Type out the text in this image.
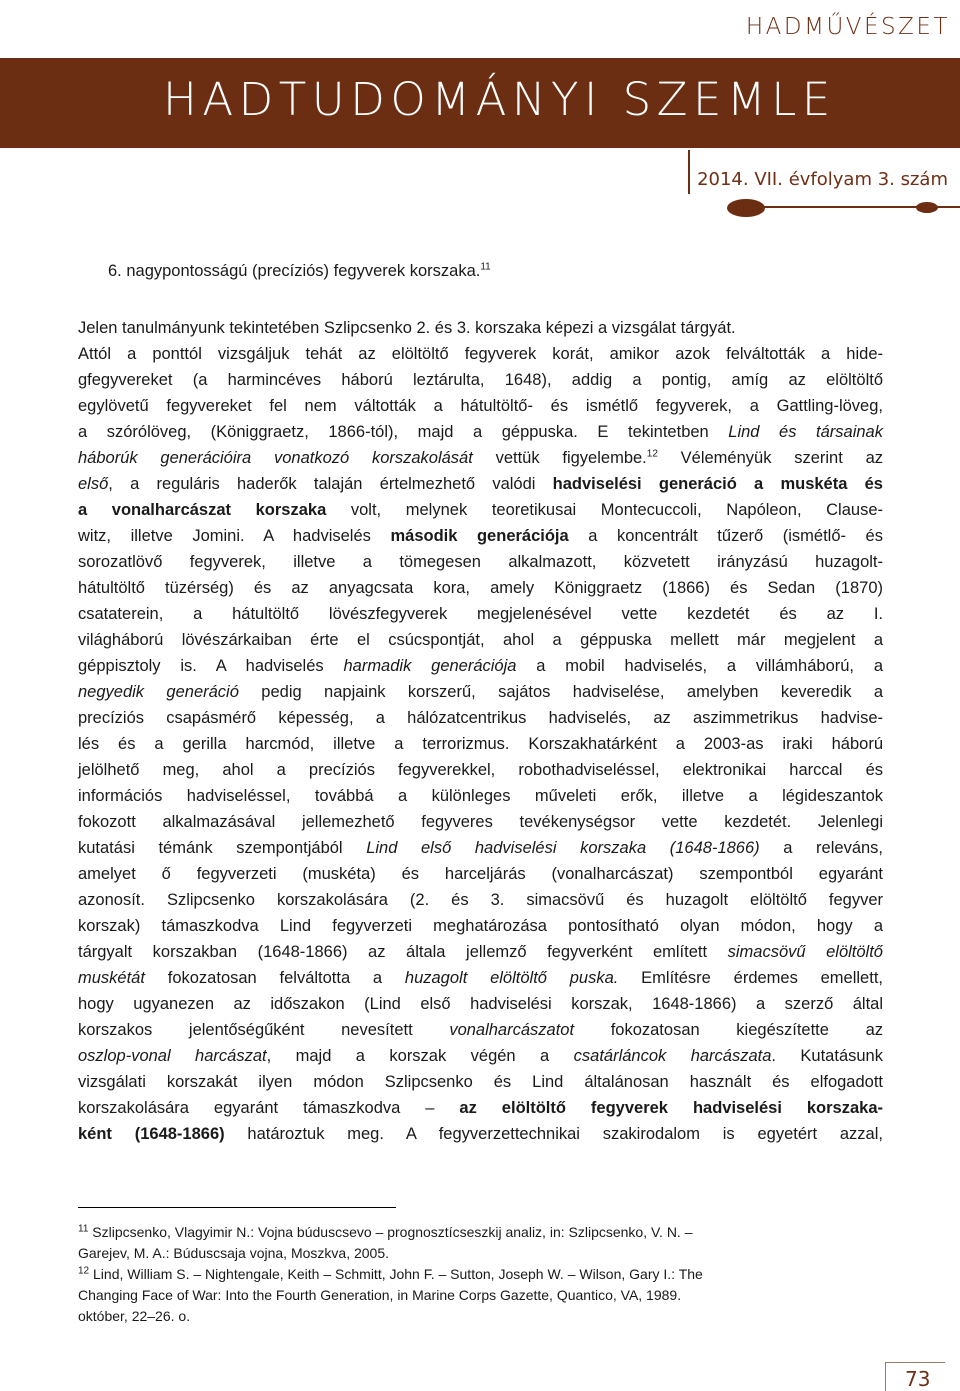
HADMŰVÉSZET
HADTUDOMÁNYI SZEMLE
2014. VII. évfolyam 3. szám
6. nagypontosságú (precíziós) fegyverek korszaka.$^{11}$
Jelen tanulmányunk tekintetében Szlipcsenko 2. és 3. korszaka képezi a vizsgálat tárgyát.
Attól a ponttól vizsgáljuk tehát az elöltöltő fegyverek korát, amikor azok felváltották a hide-
gfegyvereket (a harmincéves háború leztárulta, 1648), addig a pontig, amíg az elöltöltő
egylövetű fegyvereket fel nem váltották a hátultöltő- és ismétlő fegyverek, a Gattling-löveg,
a szórólöveg, (Königgraetz, 1866-tól), majd a géppuska. E tekintetben Lind és társainak
háborúk generációira vonatkozó korszakolását vettük figyelembe.$^{12}$ Véleményük szerint az
első, a reguláris haderők talaján értelmezhető valódi hadviselési generáció a muskéta és
a vonalharcászat korszaka volt, melynek teoretikusai Montecuccoli, Napóleon, Clause-
witz, illetve Jomini. A hadviselés második generációja a koncentrált tűzerő (ismétlő- és
sorozatlövő fegyverek, illetve a tömegesen alkalmazott, közvetett irányzású huzagolt-
hátultöltő tüzérség) és az anyagcsata kora, amely Königgraetz (1866) és Sedan (1870)
csataterein, a hátultöltő lövészfegyverek megjelenésével vette kezdetét és az I.
világháború lövészárkaiban érte el csúcspontját, ahol a géppuska mellett már megjelent a
géppisztoly is. A hadviselés harmadik generációja a mobil hadviselés, a villámháború, a
negyedik generáció pedig napjaink korszerű, sajátos hadviselése, amelyben keveredik a
precíziós csapásmérő képesség, a hálózatcentrikus hadviselés, az aszimmetrikus hadvise-
lés és a gerilla harcmód, illetve a terrorizmus. Korszakhatárként a 2003-as iraki háború
jelölhető meg, ahol a precíziós fegyverekkel, robothadviseléssel, elektronikai harccal és
információs hadviseléssel, továbbá a különleges műveleti erők, illetve a légideszantok
fokozott alkalmazásával jellemezhető fegyveres tevékenységsor vette kezdetét. Jelenlegi
kutatási témánk szempontjából Lind első hadviselési korszaka (1648-1866) a releváns,
amelyet ő fegyverzeti (muskéta) és harceljárás (vonalharcászat) szempontból egyaránt
azonosít. Szlipcsenko korszakolására (2. és 3. simacsövű és huzagolt elöltöltő fegyver
korszak) támaszkodva Lind fegyverzeti meghatározása pontosítható olyan módon, hogy a
tárgyalt korszakban (1648-1866) az általa jellemző fegyverként említett simacsövű elöltöltő
muskétát fokozatosan felváltotta a huzagolt elöltöltő puska. Említésre érdemes emellett,
hogy ugyanezen az időszakon (Lind első hadviselési korszak, 1648-1866) a szerző által
korszakos jelentőségűként nevesített vonalharcászatot fokozatosan kiegészítette az
oszlop-vonal harcászat, majd a korszak végén a csatárláncok harcászata. Kutatásunk
vizsgálati korszakát ilyen módon Szlipcsenko és Lind általánosan használt és elfogadott
korszakolására egyaránt támaszkodva – az elöltöltő fegyverek hadviselési korszaka-
ként (1648-1866) határoztuk meg. A fegyverzettechnikai szakirodalom is egyetért azzal,
$^{11}$ Szlipcsenko, Vlagyimir N.: Vojna búduscsevo – prognosztícseszkij analiz, in: Szlipcsenko, V. N. –
Garejev, M. A.: Búduscsaja vojna, Moszkva, 2005.
$^{12}$ Lind, William S. – Nightengale, Keith – Schmitt, John F. – Sutton, Joseph W. – Wilson, Gary I.: The
Changing Face of War: Into the Fourth Generation, in Marine Corps Gazette, Quantico, VA, 1989.
október, 22–26. o.
73
